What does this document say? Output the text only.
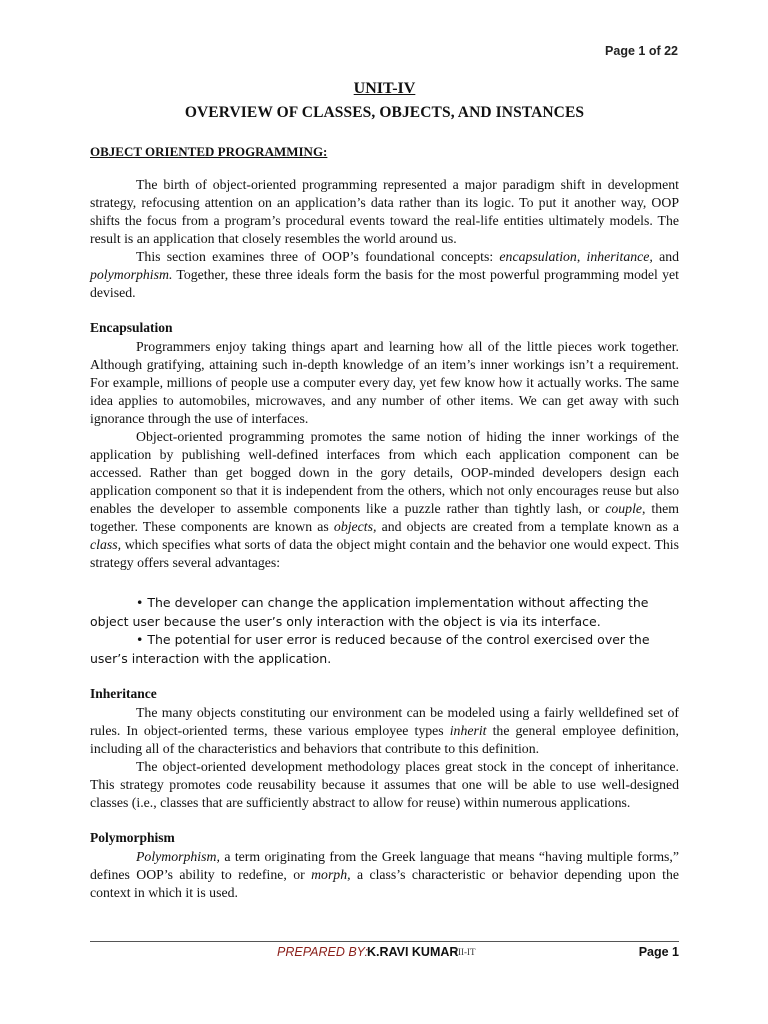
Page 1 of 22
UNIT-IV
OVERVIEW OF CLASSES, OBJECTS, AND INSTANCES
OBJECT ORIENTED PROGRAMMING:

The birth of object-oriented programming represented a major paradigm shift in development strategy, refocusing attention on an application’s data rather than its logic. To put it another way, OOP shifts the focus from a program’s procedural events toward the real-life entities ultimately models. The result is an application that closely resembles the world around us.

This section examines three of OOP’s foundational concepts: encapsulation, inheritance, and polymorphism. Together, these three ideals form the basis for the most powerful programming model yet devised.

Encapsulation

Programmers enjoy taking things apart and learning how all of the little pieces work together. Although gratifying, attaining such in-depth knowledge of an item’s inner workings isn’t a requirement. For example, millions of people use a computer every day, yet few know how it actually works. The same idea applies to automobiles, microwaves, and any number of other items. We can get away with such ignorance through the use of interfaces.

Object-oriented programming promotes the same notion of hiding the inner workings of the application by publishing well-defined interfaces from which each application component can be accessed. Rather than get bogged down in the gory details, OOP-minded developers design each application component so that it is independent from the others, which not only encourages reuse but also enables the developer to assemble components like a puzzle rather than tightly lash, or couple, them together. These components are known as objects, and objects are created from a template known as a class, which specifies what sorts of data the object might contain and the behavior one would expect. This strategy offers several advantages:

• The developer can change the application implementation without affecting the object user because the user’s only interaction with the object is via its interface.
• The potential for user error is reduced because of the control exercised over the user’s interaction with the application.
Inheritance

The many objects constituting our environment can be modeled using a fairly welldefined set of rules. In object-oriented terms, these various employee types inherit the general employee definition, including all of the characteristics and behaviors that contribute to this definition.

The object-oriented development methodology places great stock in the concept of inheritance. This strategy promotes code reusability because it assumes that one will be able to use well-designed classes (i.e., classes that are sufficiently abstract to allow for reuse) within numerous applications.

Polymorphism

Polymorphism, a term originating from the Greek language that means “having multiple forms,” defines OOP’s ability to redefine, or morph, a class’s characteristic or behavior depending upon the context in which it is used.

PREPARED BY: K.RAVI KUMAR
III-IT	Page 1
